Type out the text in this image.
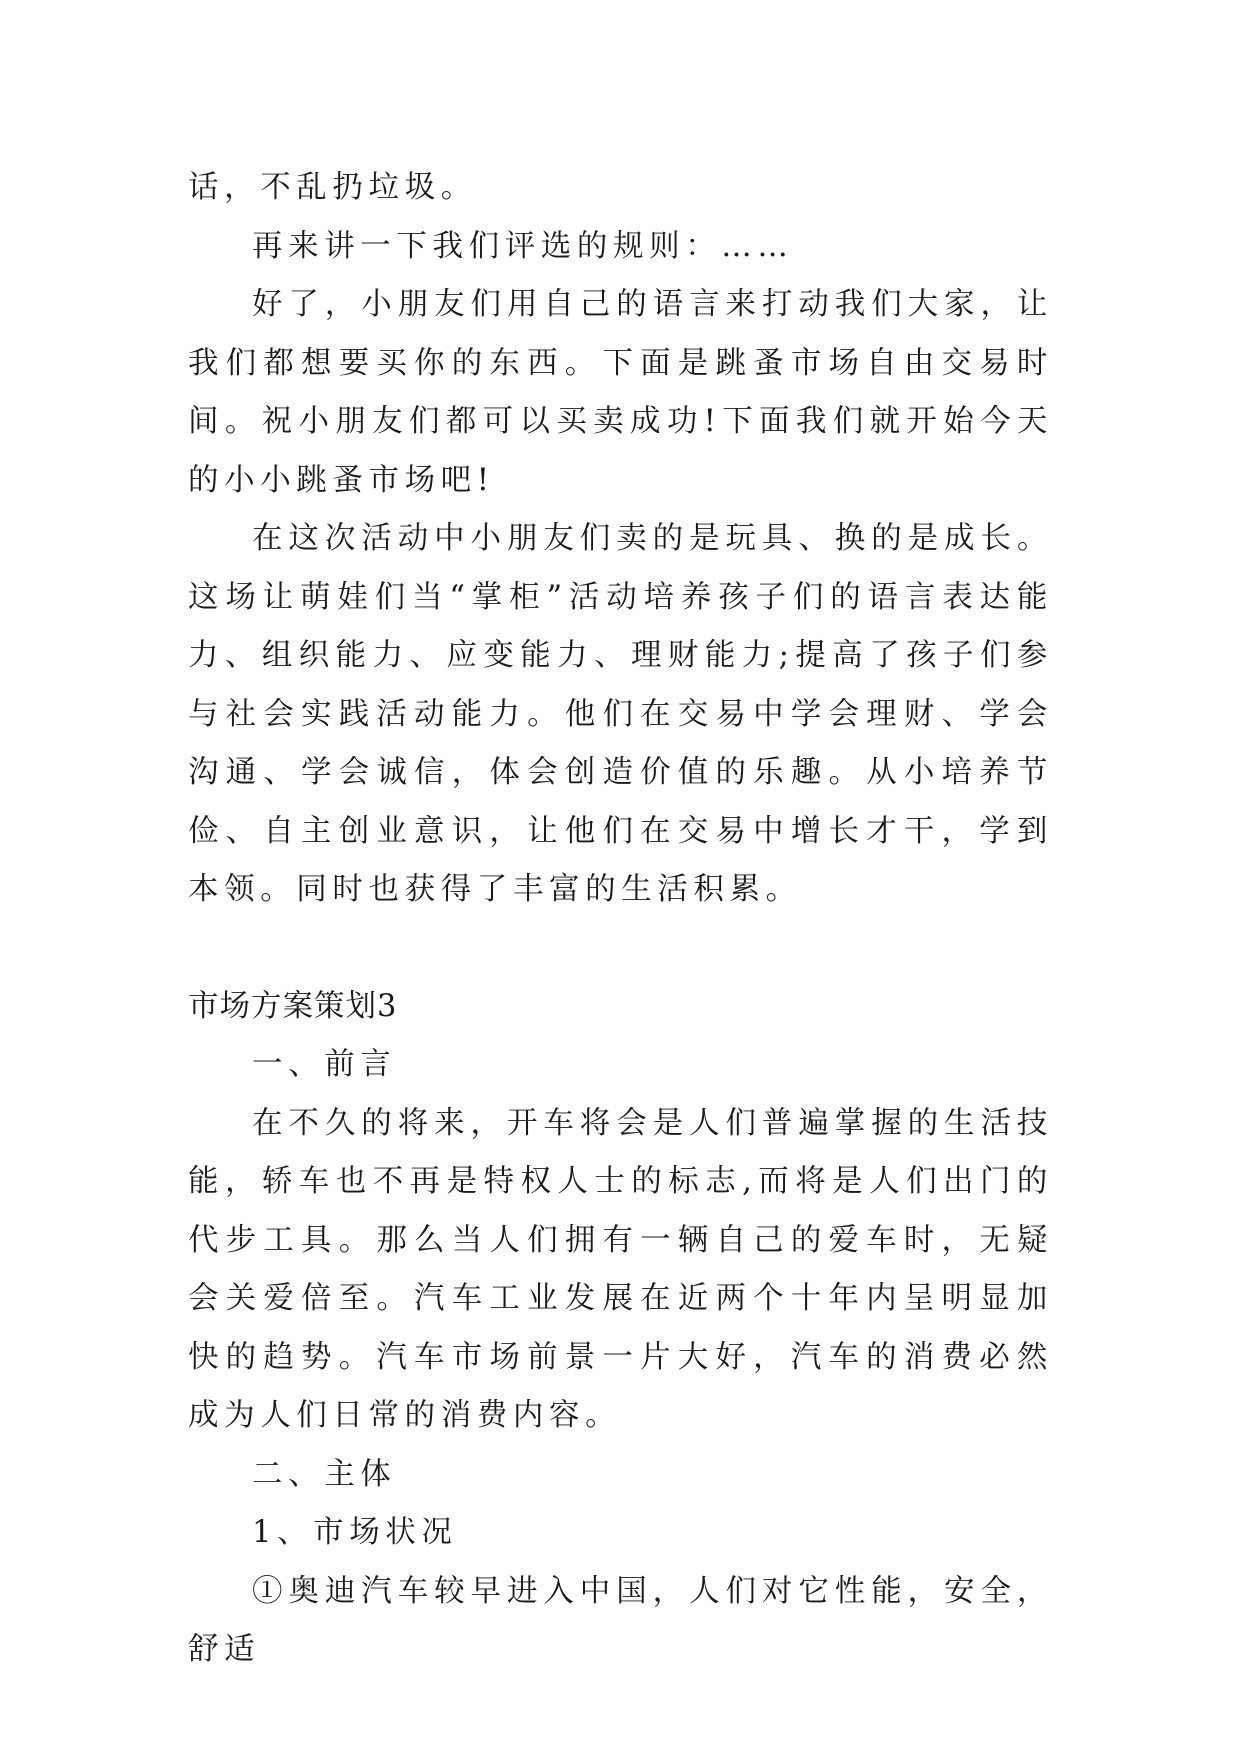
话，不乱扔垃圾。

再来讲一下我们评选的规则：……

好了，小朋友们用自己的语言来打动我们大家，让我们都想要买你的东西。下面是跳蚤市场自由交易时间。祝小朋友们都可以买卖成功!下面我们就开始今天的小小跳蚤市场吧!

在这次活动中小朋友们卖的是玩具、换的是成长。这场让萌娃们当“掌柜”活动培养孩子们的语言表达能力、组织能力、应变能力、理财能力;提高了孩子们参与社会实践活动能力。他们在交易中学会理财、学会沟通、学会诚信，体会创造价值的乐趣。从小培养节俭、自主创业意识，让他们在交易中增长才干，学到本领。同时也获得了丰富的生活积累。

市场方案策划3

一、前言

在不久的将来，开车将会是人们普遍掌握的生活技能，轿车也不再是特权人士的标志,而将是人们出门的代步工具。那么当人们拥有一辆自己的爱车时，无疑会关爱倍至。汽车工业发展在近两个十年内呈明显加快的趋势。汽车市场前景一片大好，汽车的消费必然成为人们日常的消费内容。

二、主体

1、市场状况

①奥迪汽车较早进入中国，人们对它性能，安全，舒适
